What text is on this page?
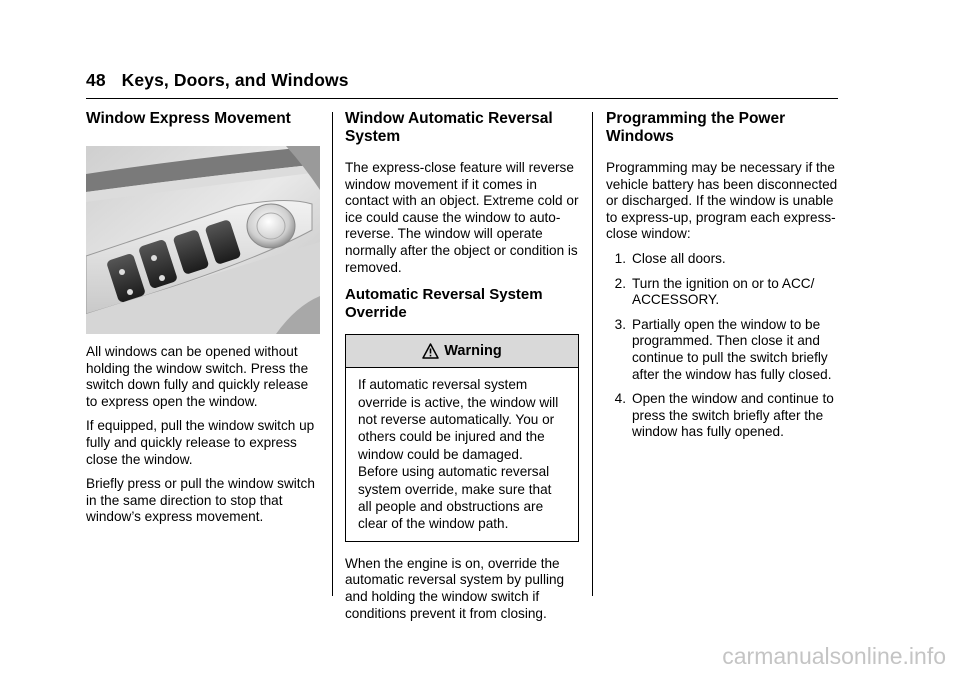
48 Keys, Doors, and Windows
Window Express Movement

All windows can be opened without holding the window switch. Press the switch down fully and quickly release to express open the window.

If equipped, pull the window switch up fully and quickly release to express close the window.

Briefly press or pull the window switch in the same direction to stop that window’s express movement.

Window Automatic Reversal System

The express-close feature will reverse window movement if it comes in contact with an object. Extreme cold or ice could cause the window to auto-reverse. The window will operate normally after the object or condition is removed.

Automatic Reversal System Override
Warning

If automatic reversal system override is active, the window will not reverse automatically. You or others could be injured and the window could be damaged. Before using automatic reversal system override, make sure that all people and obstructions are clear of the window path.

When the engine is on, override the automatic reversal system by pulling and holding the window switch if conditions prevent it from closing.

Programming the Power Windows

Programming may be necessary if the vehicle battery has been disconnected or discharged. If the window is unable to express-up, program each express-close window:

1. Close all doors.
2. Turn the ignition on or to ACC/ ACCESSORY.
3. Partially open the window to be programmed. Then close it and continue to pull the switch briefly after the window has fully closed.
4. Open the window and continue to press the switch briefly after the window has fully opened.
carmanualsonline.info
